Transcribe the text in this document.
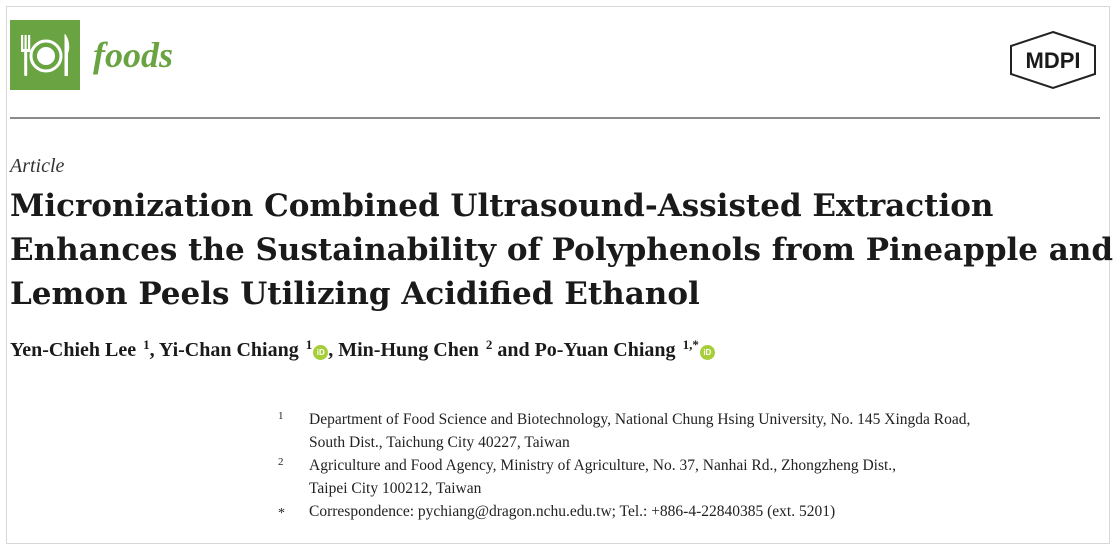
foods	MDPI
Article
Micronization Combined Ultrasound-Assisted Extraction
Enhances the Sustainability of Polyphenols from Pineapple and
Lemon Peels Utilizing Acidified Ethanol
Yen-Chieh Lee $^1$, Yi-Chan Chiang $^1$iD , Min-Hung Chen $^2$ and Po-Yuan Chiang $^{1,*}$iD
1 Department of Food Science and Biotechnology, National Chung Hsing University, No. 145 Xingda Road,
South Dist., Taichung City 40227, Taiwan
2 Agriculture and Food Agency, Ministry of Agriculture, No. 37, Nanhai Rd., Zhongzheng Dist.,
Taipei City 100212, Taiwan
* Correspondence: pychiang@dragon.nchu.edu.tw; Tel.: +886-4-22840385 (ext. 5201)
